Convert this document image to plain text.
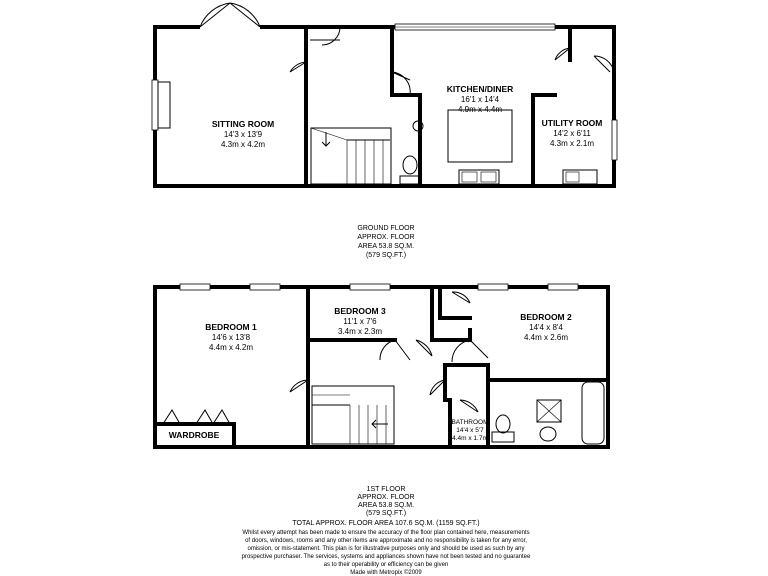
SITTING ROOM
14'3 x 13'9
4.3m x 4.2m
KITCHEN/DINER
16'1 x 14'4
4.9m x 4.4m
UTILITY ROOM
14'2 x 6'11
4.3m x 2.1m
GROUND FLOOR
APPROX. FLOOR
AREA 53.8 SQ.M.
(579 SQ.FT.)
WARDROBE
BEDROOM 1
14'6 x 13'8
4.4m x 4.2m
BEDROOM 3
11'1 x 7'6
3.4m x 2.3m
BEDROOM 2
14'4 x 8'4
4.4m x 2.6m
BATHROOM
14'4 x 5'7
4.4m x 1.7m
1ST FLOOR
APPROX. FLOOR
AREA 53.8 SQ.M.
(579 SQ.FT.)
TOTAL APPROX. FLOOR AREA 107.6 SQ.M. (1159 SQ.FT.)
Whilst every attempt has been made to ensure the accuracy of the floor plan contained here, measurements
of doors, windows, rooms and any other items are approximate and no responsibility is taken for any error,
omission, or mis-statement. This plan is for illustrative purposes only and should be used as such by any
prospective purchaser. The services, systems and appliances shown have not been tested and no guarantee
as to their operability or efficiency can be given
Made with Metropix ©2009
